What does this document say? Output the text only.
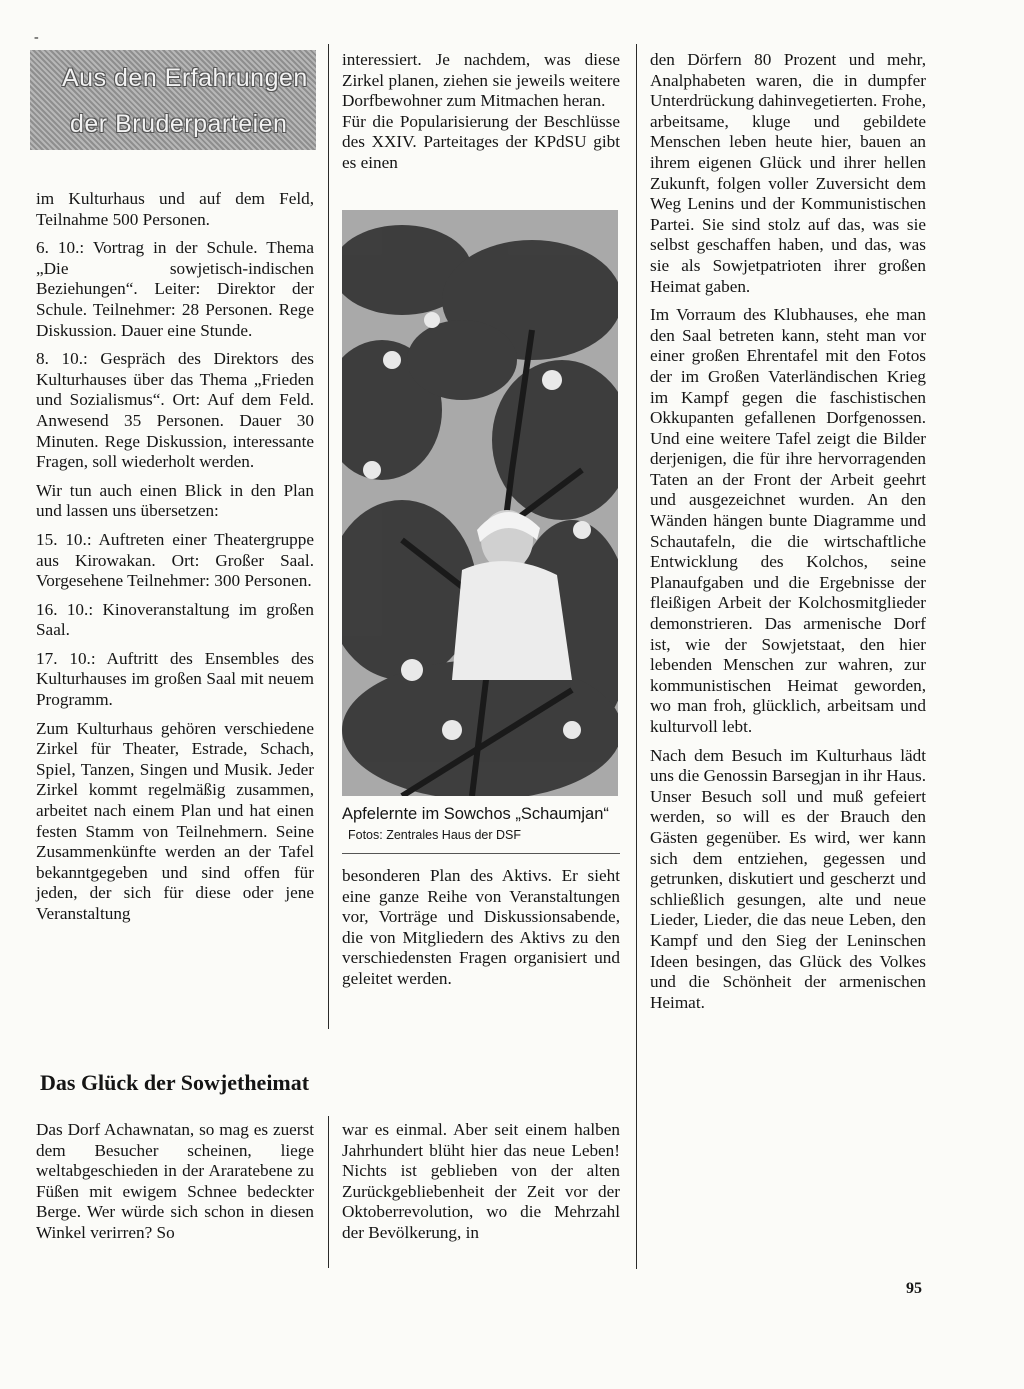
-
Aus den Erfahrungen
der Bruderparteien

im Kulturhaus und auf dem Feld, Teilnahme 500 Personen.

6. 10.: Vortrag in der Schule. Thema „Die sowjetisch-indischen Beziehungen“. Leiter: Direktor der Schule. Teilnehmer: 28 Personen. Rege Diskussion. Dauer eine Stunde.

8. 10.: Gespräch des Direktors des Kulturhauses über das Thema „Frieden und Sozialismus“. Ort: Auf dem Feld. Anwesend 35 Personen. Dauer 30 Minuten. Rege Diskussion, interessante Fragen, soll wiederholt werden.

Wir tun auch einen Blick in den Plan und lassen uns übersetzen:

15. 10.: Auftreten einer Theatergruppe aus Kirowakan. Ort: Großer Saal. Vorgesehene Teilnehmer: 300 Personen.

16. 10.: Kinoveranstaltung im großen Saal.

17. 10.: Auftritt des Ensembles des Kulturhauses im großen Saal mit neuem Programm.

Zum Kulturhaus gehören verschiedene Zirkel für Theater, Estrade, Schach, Spiel, Tanzen, Singen und Musik. Jeder Zirkel kommt regelmäßig zusammen, arbeitet nach einem Plan und hat einen festen Stamm von Teilnehmern. Seine Zusammenkünfte werden an der Tafel bekanntgegeben und sind offen für jeden, der sich für diese oder jene Veranstaltung

interessiert. Je nachdem, was diese Zirkel planen, ziehen sie jeweils weitere Dorfbewohner zum Mitmachen heran.

Für die Popularisierung der Beschlüsse des XXIV. Parteitages der KPdSU gibt es einen

Apfelernte im Sowchos „Schaumjan“ Fotos: Zentrales Haus der DSF

besonderen Plan des Aktivs. Er sieht eine ganze Reihe von Veranstaltungen vor, Vorträge und Diskussionsabende, die von Mitgliedern des Aktivs zu den verschiedensten Fragen organisiert und geleitet werden.

den Dörfern 80 Prozent und mehr, Analphabeten waren, die in dumpfer Unterdrückung dahinvegetierten. Frohe, arbeitsame, kluge und gebildete Menschen leben heute hier, bauen an ihrem eigenen Glück und ihrer hellen Zukunft, folgen voller Zuversicht dem Weg Lenins und der Kommunistischen Partei. Sie sind stolz auf das, was sie selbst geschaffen haben, und das, was sie als Sowjetpatrioten ihrer großen Heimat gaben.

Im Vorraum des Klubhauses, ehe man den Saal betreten kann, steht man vor einer großen Ehrentafel mit den Fotos der im Großen Vaterländischen Krieg im Kampf gegen die faschistischen Okkupanten gefallenen Dorfgenossen. Und eine weitere Tafel zeigt die Bilder derjenigen, die für ihre hervorragenden Taten an der Front der Arbeit geehrt und ausgezeichnet wurden. An den Wänden hängen bunte Diagramme und Schautafeln, die die wirtschaftliche Entwicklung des Kolchos, seine Planaufgaben und die Ergebnisse der fleißigen Arbeit der Kolchosmitglieder demonstrieren. Das armenische Dorf ist, wie der Sowjetstaat, den hier lebenden Menschen zur wahren, zur kommunistischen Heimat geworden, wo man froh, glücklich, arbeitsam und kulturvoll lebt.

Nach dem Besuch im Kulturhaus lädt uns die Genossin Barsegjan in ihr Haus. Unser Besuch soll und muß gefeiert werden, so will es der Brauch den Gästen gegenüber. Es wird, wer kann sich dem entziehen, gegessen und getrunken, diskutiert und gescherzt und schließlich gesungen, alte und neue Lieder, Lieder, die das neue Leben, den Kampf und den Sieg der Leninschen Ideen besingen, das Glück des Volkes und die Schönheit der armenischen Heimat.

Das Glück der Sowjetheimat

Das Dorf Achawnatan, so mag es zuerst dem Besucher scheinen, liege weltabgeschieden in der Araratebene zu Füßen mit ewigem Schnee bedeckter Berge. Wer würde sich schon in diesen Winkel verirren? So

war es einmal. Aber seit einem halben Jahrhundert blüht hier das neue Leben! Nichts ist geblieben von der alten Zurückgebliebenheit der Zeit vor der Oktoberrevolution, wo die Mehrzahl der Bevölkerung, in

95
